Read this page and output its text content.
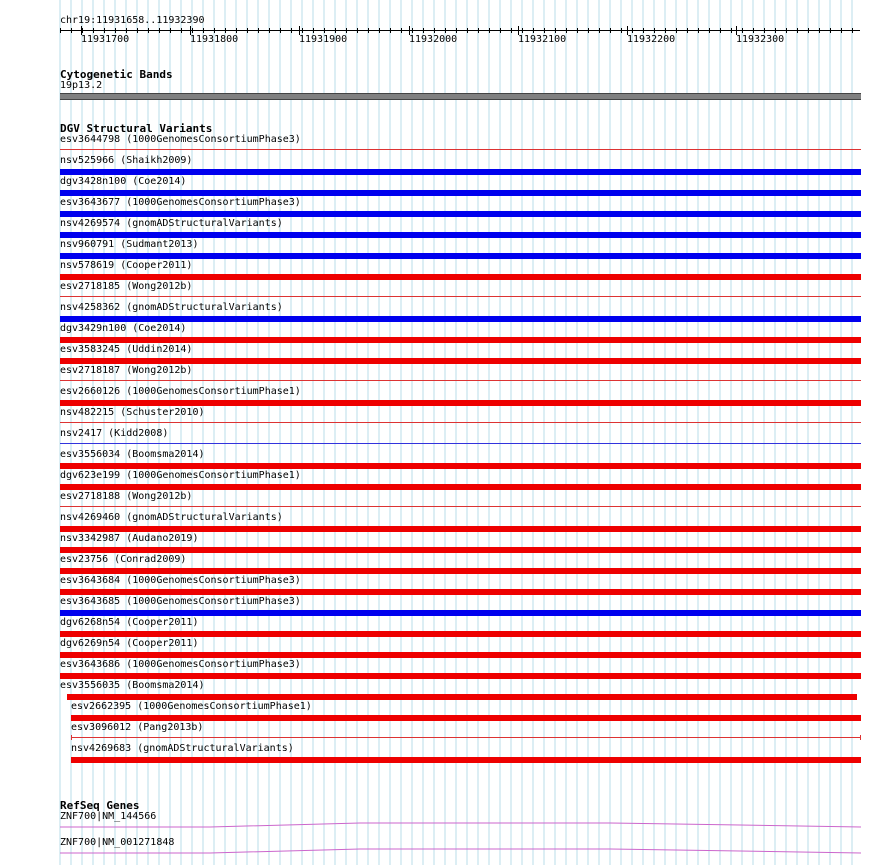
chr19:11931658..11932390
11931700	11931800	11931900	11932000	11932100	11932200	11932300
Cytogenetic Bands
19p13.2
DGV Structural Variants
esv3644798 (1000GenomesConsortiumPhase3)
nsv525966 (Shaikh2009)
dgv3428n100 (Coe2014)
esv3643677 (1000GenomesConsortiumPhase3)
nsv4269574 (gnomADStructuralVariants)
nsv960791 (Sudmant2013)
nsv578619 (Cooper2011)
esv2718185 (Wong2012b)
nsv4258362 (gnomADStructuralVariants)
dgv3429n100 (Coe2014)
esv3583245 (Uddin2014)
esv2718187 (Wong2012b)
esv2660126 (1000GenomesConsortiumPhase1)
nsv482215 (Schuster2010)
nsv2417 (Kidd2008)
esv3556034 (Boomsma2014)
dgv623e199 (1000GenomesConsortiumPhase1)
esv2718188 (Wong2012b)
nsv4269460 (gnomADStructuralVariants)
nsv3342987 (Audano2019)
esv23756 (Conrad2009)
esv3643684 (1000GenomesConsortiumPhase3)
esv3643685 (1000GenomesConsortiumPhase3)
dgv6268n54 (Cooper2011)
dgv6269n54 (Cooper2011)
esv3643686 (1000GenomesConsortiumPhase3)
esv3556035 (Boomsma2014)
esv2662395 (1000GenomesConsortiumPhase1)
esv3096012 (Pang2013b)
nsv4269683 (gnomADStructuralVariants)
RefSeq Genes
ZNF700|NM_144566
ZNF700|NM_001271848
